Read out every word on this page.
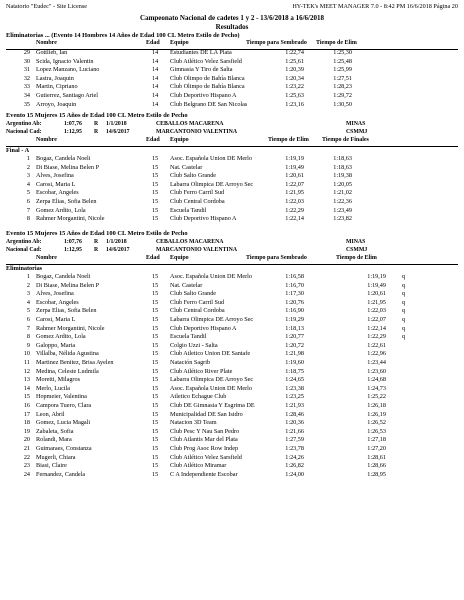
Natatorio "Eudec" - Site License	HY-TEK's MEET MANAGER 7.0 - 8:42 PM 16/6/2018 Página 20
Campeonato Nacional de cadetes 1 y 2 - 13/6/2018 a 16/6/2018
Resultados
Eliminatorias ... (Evento 14 Hombres 14 Años de Edad 100 CL Metro Estilo de Pecho)
Nombre	Edad Equipo	Tiempo para Sembrado Tiempo de Elim
29 Gottlieb, Ian	14 Estudiantes DE LA Plata	1:22,74	1:25,30
30 Scida, Ignacio Valentin	14 Club Atlético Velez Sarsfield	1:25,61	1:25,48
31 Lopez Manzano, Luciano	14 Gimnasia Y Tiro de Salta	1:20,39	1:25,99
32 Lastra, Joaquin	14 Club Olimpo de Bahía Blanca	1:20,34	1:27,51
33 Martin, Cipriano	14 Club Olimpo de Bahía Blanca	1:23,22	1:28,23
34 Gutierrez, Santiago Ariel	14 Club Deportivo Hispano A	1:25,63	1:29,72
35 Arroyo, Joaquin	14 Club Belgrano DE San Nicolas	1:23,16	1:30,50
Evento 15 Mujeres 15 Años de Edad 100 CL Metro Estilo de Pecho
Argentino Ab:	1:07,76 R 1/1/2018	CEBALLOS MACARENA	MINAS
Nacional Cad:	1:12,95 R 14/6/2017	MARCANTONIO VALENTINA	CSMMJ
Nombre	Edad Equipo	Tiempo de Elim Tiempo de Finales
Final - A
1 Bogaz, Candela Noeli	15 Asoc. Española Union DE Merlo	1:19,19	1:18,63
2 Di Biase, Melina Belen P	15 Nat. Castelar	1:19,49	1:18,63
3 Alves, Josefina	15 Club Salto Grande	1:20,61	1:19,38
4 Carosi, Maria L	15 Labarra Olimpica DE Arroyo Sec	1:22,07	1:20,05
5 Escobar, Angeles	15 Club Ferro Carril Sud	1:21,95	1:21,02
6 Zerpa Elias, Sofia Belen	15 Club Central Cordoba	1:22,03	1:22,36
7 Gomez Ardito, Lola	15 Escuela Tandil	1:22,29	1:23,49
8 Rahmer Morgantini, Nicole	15 Club Deportivo Hispano A	1:22,14	1:23,82
Evento 15 Mujeres 15 Años de Edad 100 CL Metro Estilo de Pecho
Argentino Ab:	1:07,76 R 1/1/2018	CEBALLOS MACARENA	MINAS
Nacional Cad:	1:12,95 R 14/6/2017	MARCANTONIO VALENTINA	CSMMJ
Nombre	Edad Equipo	Tiempo para Sembrado	Tiempo de Elim
Eliminatorias
1 Bogaz, Candela Noeli	15 Asoc. Española Union DE Merlo	1:16,58	1:19,19	q
2 Di Biase, Melina Belen P	15 Nat. Castelar	1:16,70	1:19,49	q
3 Alves, Josefina	15 Club Salto Grande	1:17,30	1:20,61	q
4 Escobar, Angeles	15 Club Ferro Carril Sud	1:20,76	1:21,95	q
5 Zerpa Elias, Sofia Belen	15 Club Central Cordoba	1:16,90	1:22,03	q
6 Carosi, Maria L	15 Labarra Olimpica DE Arroyo Sec	1:19,29	1:22,07	q
7 Rahmer Morgantini, Nicole	15 Club Deportivo Hispano A	1:18,13	1:22,14	q
8 Gomez Ardito, Lola	15 Escuela Tandil	1:20,77	1:22,29	q
9 Galoppo, Maria	15 Colgio Uzzi - Salta	1:20,72	1:22,61
10 Villalba, Nélida Agustina	15 Club Atletico Union DE Santafe	1:21,98	1:22,96
11 Martinez Benitez, Brisa Ayelen	15 Natación Sagrib	1:19,60	1:23,44
12 Medina, Celeste Ludmila	15 Club Atlético River Plate	1:18,75	1:23,60
13 Moretti, Milagros	15 Labarra Olimpica DE Arroyo Sec	1:24,65	1:24,68
14 Merlo, Lucila	15 Asoc. Española Union DE Merlo	1:23,38	1:24,73
15 Hopmeier, Valentina	15 Atletico Echague Club	1:23,25	1:25,22
16 Campora Tuero, Clara	15 Club DE Gimnasia Y Esgrima DE	1:21,93	1:26,18
17 Leon, Abril	15 Municipalidad DE San Isidro	1:28,46	1:26,19
18 Gomez, Lucia Magali	15 Natacion 3D Team	1:20,36	1:26,52
19 Zabaleta, Sofia	15 Club Pesc Y Nau San Pedro	1:21,66	1:26,53
20 Rolandi, Mara	15 Club Atlantis Mar del Plata	1:27,59	1:27,18
21 Guimaraes, Constanza	15 Club Prog Asoc Row Indep	1:23,78	1:27,20
22 Mugerli, Chiara	15 Club Atlético Velez Sarsfield	1:24,26	1:28,61
23 Biasi, Claire	15 Club Atlético Miramar	1:26,82	1:28,66
24 Fernandez, Candela	15 C A Independiente Escobar	1:24,00	1:28,95
